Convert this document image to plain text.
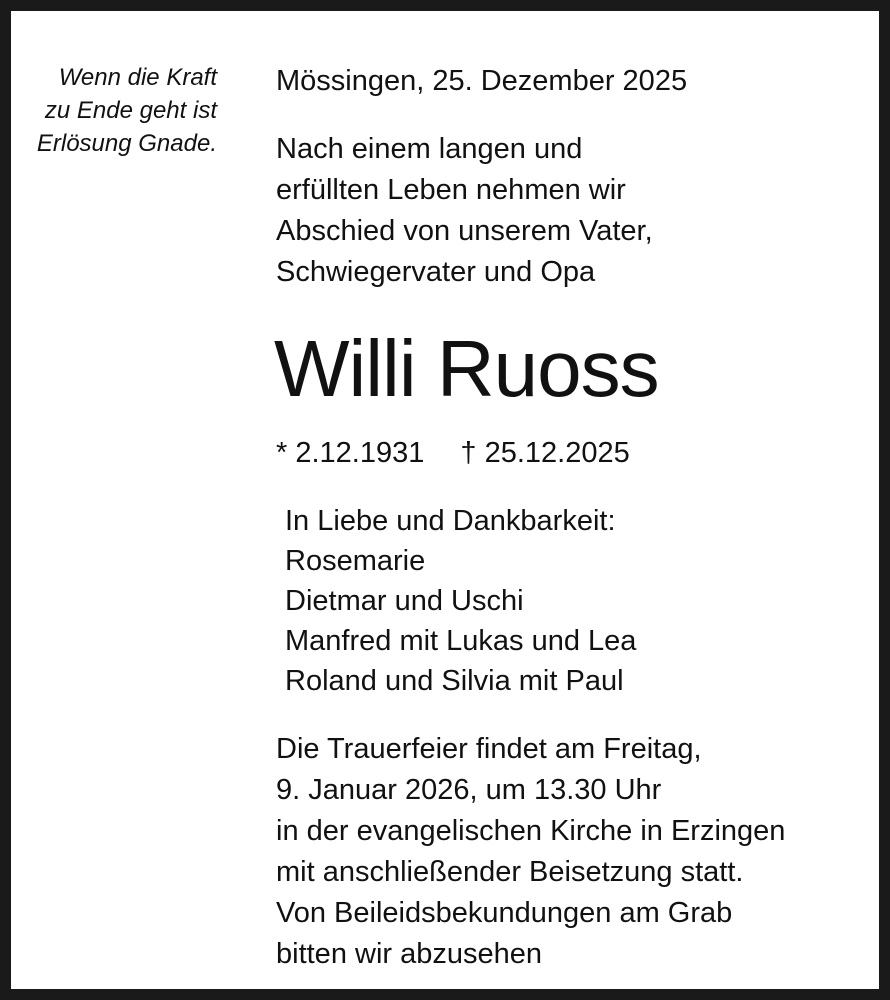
Wenn die Kraft
zu Ende geht ist
Erlösung Gnade.
Mössingen, 25. Dezember 2025
Nach einem langen und
erfüllten Leben nehmen wir
Abschied von unserem Vater,
Schwiegervater und Opa
Willi Ruoss
* 2.12.1931 † 25.12.2025
In Liebe und Dankbarkeit:
Rosemarie
Dietmar und Uschi
Manfred mit Lukas und Lea
Roland und Silvia mit Paul
Die Trauerfeier findet am Freitag,
9. Januar 2026, um 13.30 Uhr
in der evangelischen Kirche in Erzingen
mit anschließender Beisetzung statt.
Von Beileidsbekundungen am Grab
bitten wir abzusehen
